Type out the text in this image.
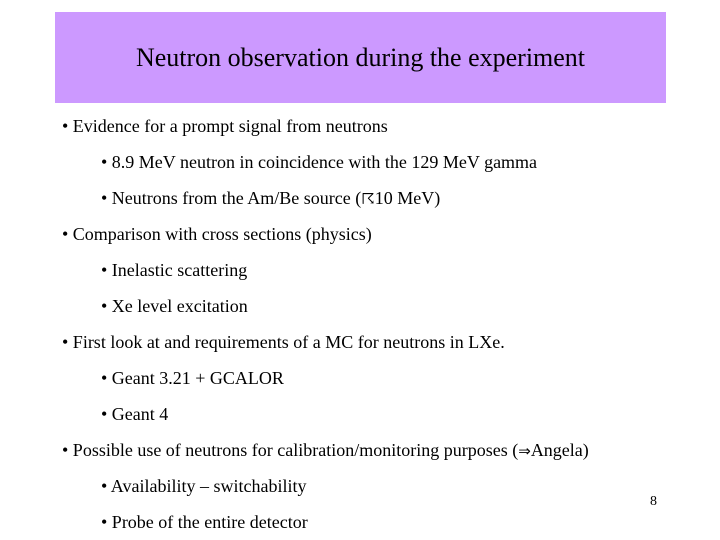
Neutron observation during the experiment
• Evidence for a prompt signal from neutrons
• 8.9 MeV neutron in coincidence with the 129 MeV gamma
• Neutrons from the Am/Be source (☈10 MeV)
• Comparison with cross sections (physics)
• Inelastic scattering
• Xe level excitation
• First look at and requirements of a MC for neutrons in LXe.
• Geant 3.21 + GCALOR
• Geant 4
• Possible use of neutrons for calibration/monitoring purposes (⇒Angela)
• Availability – switchability
• Probe of the entire detector
8
